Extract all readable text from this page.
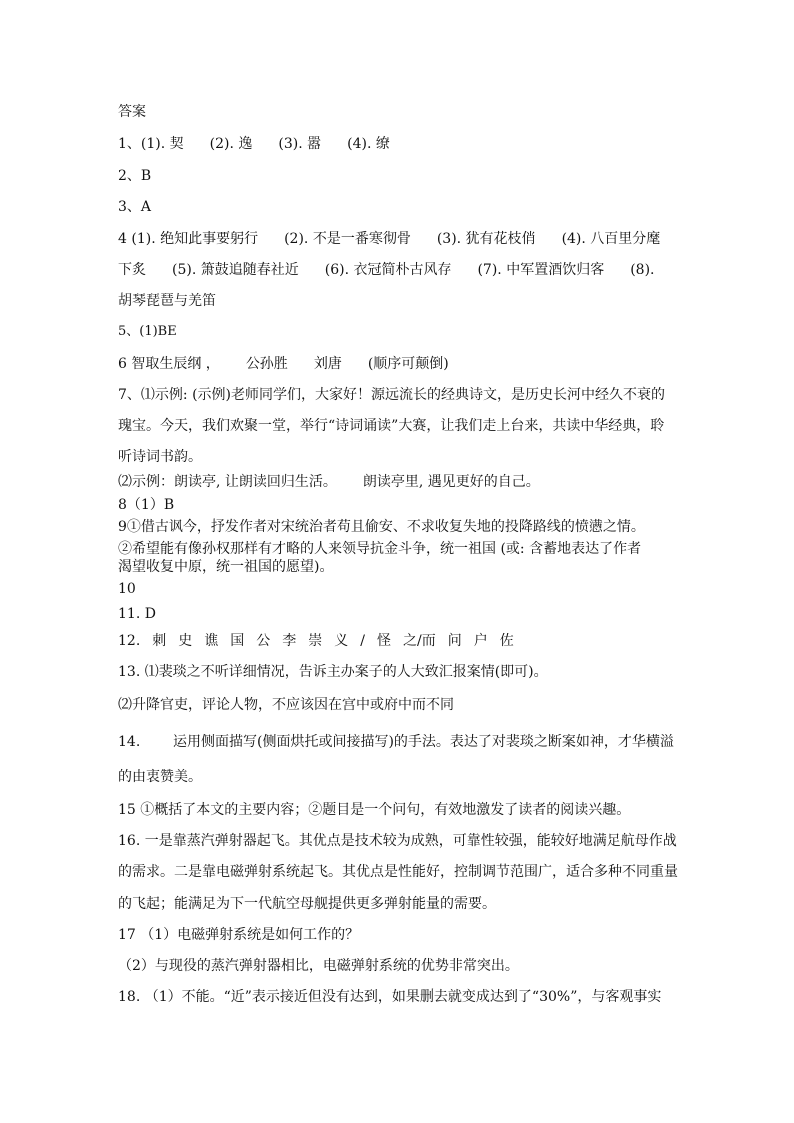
答案
1、(1). 契 (2). 逸 (3). 嚣 (4). 缭
2、B
3、A
4 (1). 绝知此事要躬行 (2). 不是一番寒彻骨 (3). 犹有花枝俏 (4). 八百里分麾
下炙 (5). 箫鼓追随春社近 (6). 衣冠简朴古风存 (7). 中军置酒饮归客 (8).
胡琴琵琶与羌笛
5、(1)BE
6 智取生辰纲 ， 公孙胜 刘唐 (顺序可颠倒)
7、⑴示例: (示例)老师同学们，大家好！源远流长的经典诗文，是历史长河中经久不衰的
瑰宝。今天，我们欢聚一堂，举行“诗词诵读”大赛，让我们走上台来，共读中华经典，聆
听诗词书韵。
⑵示例：朗读亭, 让朗读回归生活。 朗读亭里, 遇见更好的自己。
8（1）B
9①借古讽今，抒发作者对宋统治者苟且偷安、不求收复失地的投降路线的愤懑之情。
②希望能有像孙权那样有才略的人来领导抗金斗争，统一祖国 (或: 含蓄地表达了作者
渴望收复中原，统一祖国的愿望)。
10
11. D
12. 刺 史 谯 国 公 李 崇 义 / 怪 之/而 问 户 佐
13. ⑴裴琰之不听详细情况，告诉主办案子的人大致汇报案情(即可)。
⑵升降官吏，评论人物，不应该因在宫中或府中而不同
14. 运用侧面描写(侧面烘托或间接描写)的手法。表达了对裴琰之断案如神，才华横溢
的由衷赞美。
15 ①概括了本文的主要内容；②题目是一个问句，有效地激发了读者的阅读兴趣。
16. 一是靠蒸汽弹射器起飞。其优点是技术较为成熟，可靠性较强，能较好地满足航母作战
的需求。二是靠电磁弹射系统起飞。其优点是性能好，控制调节范围广，适合多种不同重量
的飞起；能满足为下一代航空母舰提供更多弹射能量的需要。
17 （1）电磁弹射系统是如何工作的？
（2）与现役的蒸汽弹射器相比，电磁弹射系统的优势非常突出。
18. （1）不能。“近”表示接近但没有达到，如果删去就变成达到了“30%”，与客观事实
